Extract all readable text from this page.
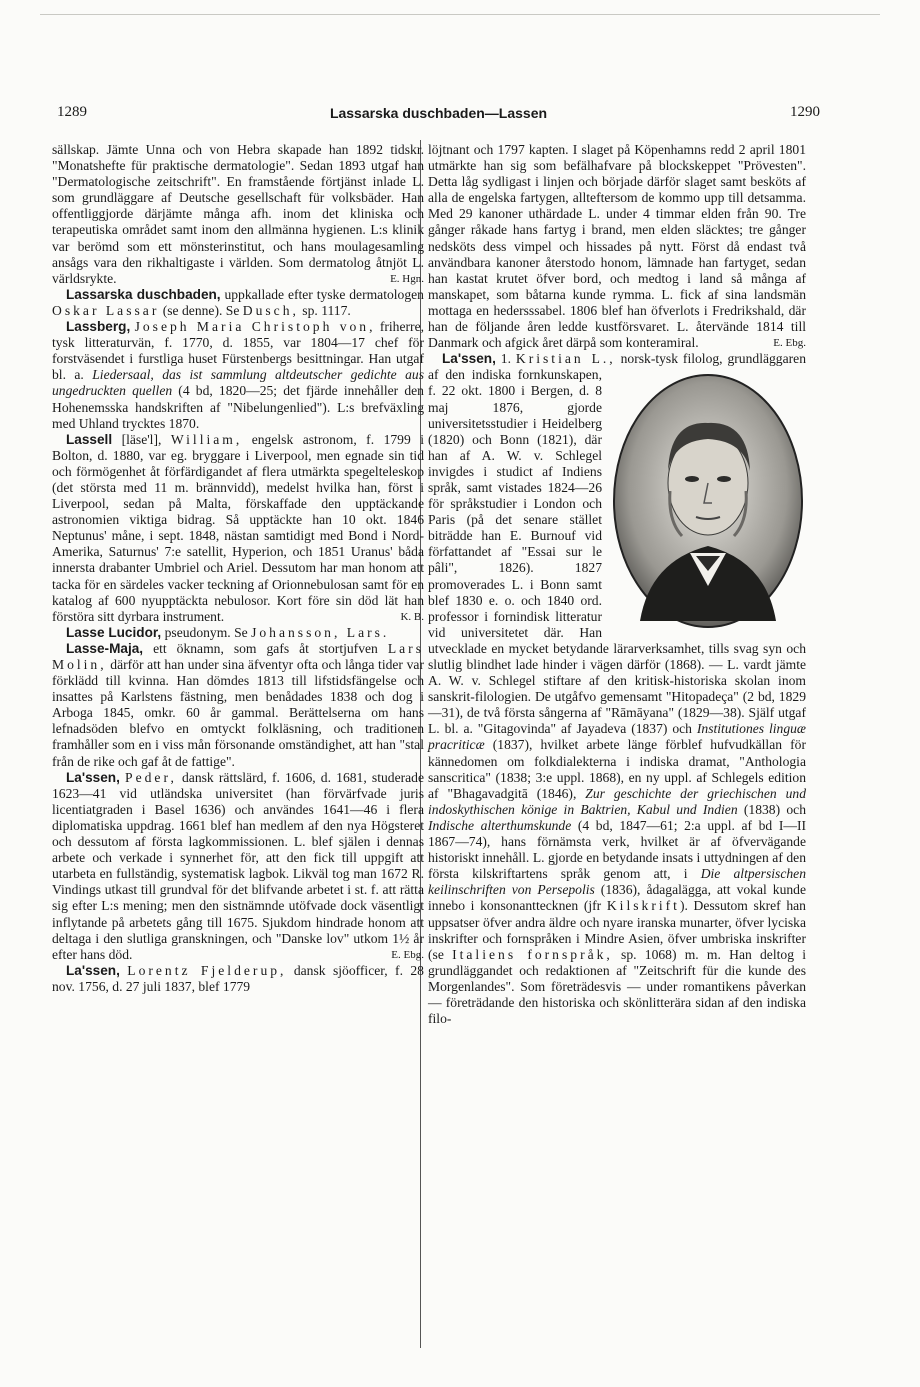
1289	Lassarska duschbaden—Lassen	1290

sällskap. Jämte Unna och von Hebra skapade han 1892 tidskr. "Monatshefte für praktische dermatologie". Sedan 1893 utgaf han "Dermatologische zeitschrift". En framstående förtjänst inlade L. som grundläggare af Deutsche gesellschaft für volksbäder. Han offentliggjorde därjämte många afh. inom det kliniska och terapeutiska området samt inom den allmänna hygienen. L:s klinik var berömd som ett mönsterinstitut, och hans moulagesamling ansågs vara den rikhaltigaste i världen. Som dermatolog åtnjöt L. världsrykte.	E. Hgn.

Lassarska duschbaden, uppkallade efter tyske dermatologen Oskar Lassar (se denne). Se Dusch, sp. 1117.

Lassberg, Joseph Maria Christoph von, friherre, tysk litteraturvän, f. 1770, d. 1855, var 1804—17 chef för forstväsendet i furstliga huset Fürstenbergs besittningar. Han utgaf bl. a. Liedersaal, das ist sammlung altdeutscher gedichte aus ungedruckten quellen (4 bd, 1820—25; det fjärde innehåller den Hohenemsska handskriften af "Nibelungenlied"). L:s brefväxling med Uhland trycktes 1870.

Lassell [läse'l], William, engelsk astronom, f. 1799 i Bolton, d. 1880, var eg. bryggare i Liverpool, men egnade sin tid och förmögenhet åt förfärdigandet af flera utmärkta spegelteleskop (det största med 11 m. brännvidd), medelst hvilka han, först i Liverpool, sedan på Malta, förskaffade den upptäckande astronomien viktiga bidrag. Så upptäckte han 10 okt. 1846 Neptunus' måne, i sept. 1848, nästan samtidigt med Bond i Nord-Amerika, Saturnus' 7:e satellit, Hyperion, och 1851 Uranus' båda innersta drabanter Umbriel och Ariel. Dessutom har man honom att tacka för en särdeles vacker teckning af Orionnebulosan samt för en katalog af 600 nyupptäckta nebulosor. Kort före sin död lät han förstöra sitt dyrbara instrument.	K. B.

Lasse Lucidor, pseudonym. Se Johansson, Lars.

Lasse-Maja, ett öknamn, som gafs åt stortjufven Lars Molin, därför att han under sina äfventyr ofta och långa tider var förklädd till kvinna. Han dömdes 1813 till lifstidsfängelse och insattes på Karlstens fästning, men benådades 1838 och dog i Arboga 1845, omkr. 60 år gammal. Berättelserna om hans lefnadsöden blefvo en omtyckt folkläsning, och traditionen framhåller som en i viss mån försonande omständighet, att han "stal från de rike och gaf åt de fattige".

La'ssen, Peder, dansk rättslärd, f. 1606, d. 1681, studerade 1623—41 vid utländska universitet (han förvärfvade juris licentiatgraden i Basel 1636) och användes 1641—46 i flera diplomatiska uppdrag. 1661 blef han medlem af den nya Högsteret och dessutom af första lagkommissionen. L. blef själen i dennas arbete och verkade i synnerhet för, att den fick till uppgift att utarbeta en fullständig, systematisk lagbok. Likväl tog man 1672 R. Vindings utkast till grundval för det blifvande arbetet i st. f. att rätta sig efter L:s mening; men den sistnämnde utöfvade dock väsentligt inflytande på arbetets gång till 1675. Sjukdom hindrade honom att deltaga i den slutliga granskningen, och "Danske lov" utkom 1½ år efter hans död.	E. Ebg.

La'ssen, Lorentz Fjelderup, dansk sjöofficer, f. 28 nov. 1756, d. 27 juli 1837, blef 1779

löjtnant och 1797 kapten. I slaget på Köpenhamns redd 2 april 1801 utmärkte han sig som befälhafvare på blockskeppet "Prövesten". Detta låg sydligast i linjen och började därför slaget samt besköts af alla de engelska fartygen, allteftersom de kommo upp till detsamma. Med 29 kanoner uthärdade L. under 4 timmar elden från 90. Tre gånger råkade hans fartyg i brand, men elden släcktes; tre gånger nedsköts dess vimpel och hissades på nytt. Först då endast två användbara kanoner återstodo honom, lämnade han fartyget, sedan han kastat krutet öfver bord, och medtog i land så många af manskapet, som båtarna kunde rymma. L. fick af sina landsmän mottaga en hedersssabel. 1806 blef han öfverlots i Fredrikshald, där han de följande åren ledde kustförsvaret. L. återvände 1814 till Danmark och afgick året därpå som konteramiral.	E. Ebg.

La'ssen, 1. Kristian L.,
norsk-tysk filolog, grundläggaren af den indiska fornkunskapen, f. 22 okt. 1800 i Bergen, d. 8 maj 1876, gjorde universitetsstudier i Heidelberg (1820) och Bonn (1821), där han af A. W. v. Schlegel invigdes i studict af Indiens språk, samt vistades 1824—26 för språkstudier i London och Paris (på det senare stället biträdde han E. Burnouf vid författandet af "Essai sur le pâli", 1826). 1827 promoverades L. i Bonn samt blef 1830 e. o. och 1840 ord. professor i fornindisk litteratur vid universitetet där. Han utvecklade en mycket betydande lärarverksamhet, tills svag syn och slutlig blindhet lade hinder i vägen därför (1868). — L. vardt jämte A. W. v. Schlegel stiftare af den kritisk-historiska skolan inom sanskrit-filologien. De utgåfvo gemensamt "Hitopadeça" (2 bd, 1829—31), de två första sångerna af "Rāmāyana" (1829—38). Själf utgaf L. bl. a. "Gitagovinda" af Jayadeva (1837) och Institutiones linguæ pracriticæ (1837), hvilket arbete länge förblef hufvudkällan för kännedomen om folkdialekterna i indiska dramat, "Anthologia sanscritica" (1838; 3:e uppl. 1868), en ny uppl. af Schlegels edition af "Bhagavadgitā (1846), Zur geschichte der griechischen und indoskythischen könige in Baktrien, Kabul und Indien (1838) och Indische alterthumskunde (4 bd, 1847—61; 2:a uppl. af bd I—II 1867—74), hans förnämsta verk, hvilket är af öfvervägande historiskt innehåll. L. gjorde en betydande insats i uttydningen af den första kilskriftartens språk genom att, i Die altpersischen keilinschriften von Persepolis (1836), ådagalägga, att vokal kunde innebo i konsonanttecknen (jfr Kilskrift). Dessutom skref han uppsatser öfver andra äldre och nyare iranska munarter, öfver lyciska inskrifter och fornspråken i Mindre Asien, öfver umbriska inskrifter (se Italiens fornspråk, sp. 1068) m. m. Han deltog i grundläggandet och redaktionen af "Zeitschrift für die kunde des Morgenlandes". Som företrädesvis — under romantikens påverkan — företrädande den historiska och skönlitterära sidan af den indiska filo-
